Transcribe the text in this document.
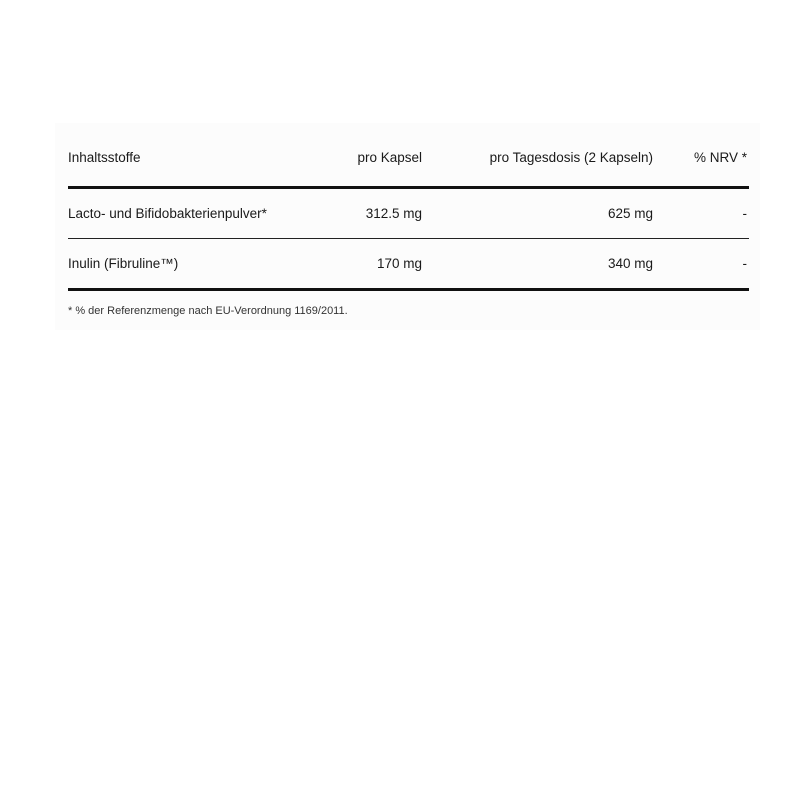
Inhaltsstoffe	pro Kapsel	pro Tagesdosis (2 Kapseln)	% NRV *
Lacto- und Bifidobakterienpulver*	312.5 mg	625 mg	-
Inulin (Fibruline™)	170 mg	340 mg	-
* % der Referenzmenge nach EU-Verordnung 1169/2011.
